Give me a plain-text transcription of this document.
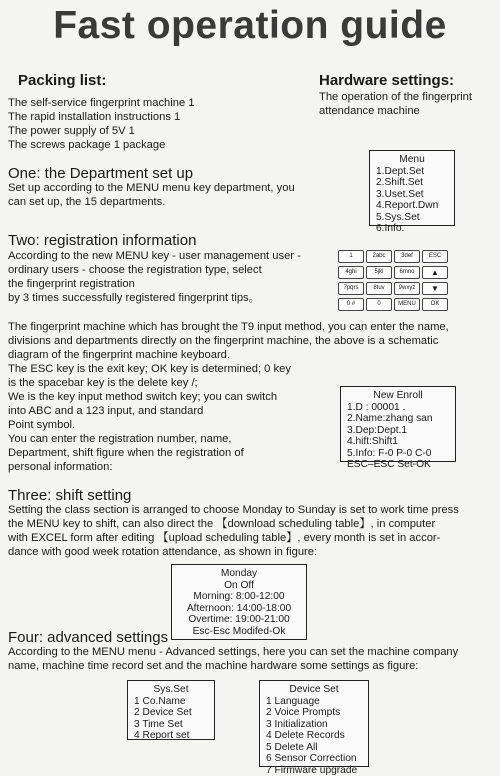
Fast operation guide
Packing list:
The self-service fingerprint machine 1
The rapid installation instructions 1
The power supply of 5V 1
The screws package 1 package
Hardware settings:
The operation of the fingerprint
attendance machine
Menu
1.Dept.Set
2.Shift.Set
3.Uset.Set
4.Report.Dwn
5.Sys.Set
6.Info.
One: the Department set up
Set up according to the MENU menu key department, you
can set up, the 15 departments.
Two: registration information
According to the new MENU key - user management user -
ordinary users - choose the registration type, select
the fingerprint registration
by 3 times successfully registered fingerprint tips。
1	2abc	3def	ESC
4ghi	5jkl	6mno	▲
7pqrs	8tuv	9wxyz	▼
0 #	0	MENU	OK
The fingerprint machine which has brought the T9 input method, you can enter the name,
divisions and departments directly on the fingerprint machine, the above is a schematic
diagram of the fingerprint machine keyboard.
The ESC key is the exit key; OK key is determined; 0 key
is the spacebar key is the delete key /;
We is the key input method switch key; you can switch
into ABC and a 123 input, and standard
Point symbol.
You can enter the registration number, name,
Department, shift figure when the registration of
personal information:
New Enroll
1.D : 00001 .
2.Name:zhang san
3.Dep:Dept.1
4.hift:Shift1
5.Info: F-0 P-0 C-0
ESC–ESC Set-OK
Three: shift setting
Setting the class section is arranged to choose Monday to Sunday is set to work time press
the MENU key to shift, can also direct the 【download scheduling table】, in computer
with EXCEL form after editing 【upload scheduling table】, every month is set in accor-
dance with good week rotation attendance, as shown in figure:
Monday
On Off
Morning: 8:00-12:00
Afternoon: 14:00-18:00
Overtime: 19:00-21:00
Esc-Esc Modifed-Ok
Four: advanced settings
According to the MENU menu - Advanced settings, here you can set the machine company
name, machine time record set and the machine hardware some settings as figure:
Sys.Set
1 Co.Name
2 Device Set
3 Time Set
4 Report set
Device Set
1 Language
2 Voice Prompts
3 Initialization
4 Delete Records
5 Delete All
6 Sensor Correction
7 Firmware upgrade
